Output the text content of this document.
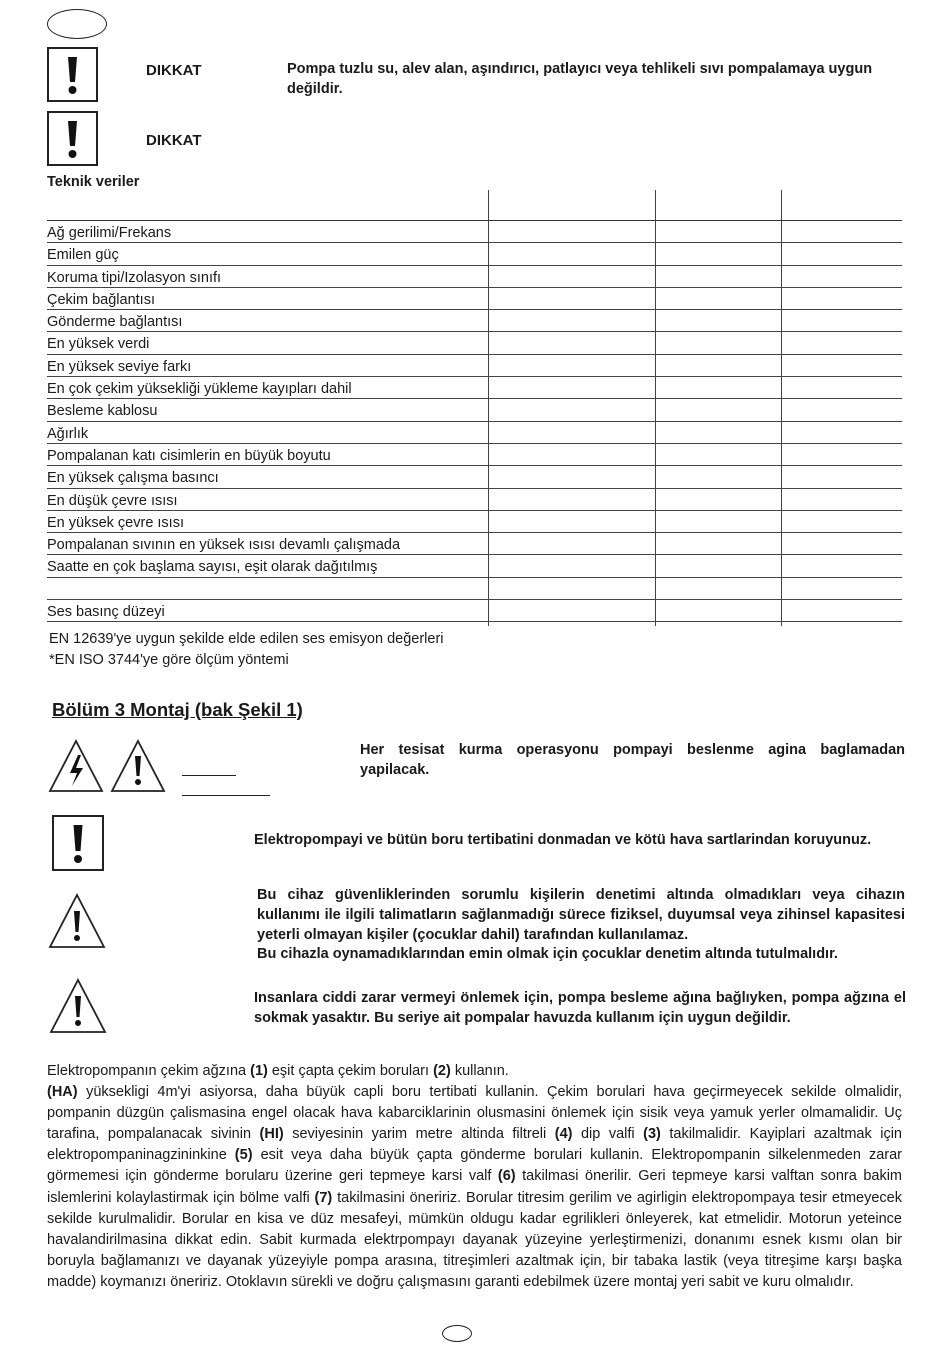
DIKKAT	Pompa tuzlu su, alev alan, aşındırıcı, patlayıcı veya tehlikeli sıvı pompalamaya uygun değildir.
DIKKAT
Teknik veriler
Ağ gerilimi/Frekans
Emilen güç
Koruma tipi/Izolasyon sınıfı
Çekim bağlantısı
Gönderme bağlantısı
En yüksek verdi
En yüksek seviye farkı
En çok çekim yüksekliği yükleme kayıpları dahil
Besleme kablosu
Ağırlık
Pompalanan katı cisimlerin en büyük boyutu
En yüksek çalışma basıncı
En düşük çevre ısısı
En yüksek çevre ısısı
Pompalanan sıvının en yüksek ısısı devamlı çalışmada
Saatte en çok başlama sayısı, eşit olarak dağıtılmış
Ses basınç düzeyi
EN 12639'ye uygun şekilde elde edilen ses emisyon değerleri
*EN ISO 3744'ye göre ölçüm yöntemi
Bölüm 3 Montaj (bak Şekil 1)
Her tesisat kurma operasyonu pompayi beslenme agina baglamadan yapilacak.
Elektropompayi ve bütün boru tertibatini donmadan ve kötü hava sartlarindan koruyunuz.
Bu cihaz güvenliklerinden sorumlu kişilerin denetimi altında olmadıkları veya cihazın kullanımı ile ilgili talimatların sağlanmadığı sürece fiziksel, duyumsal veya zihinsel kapasitesi yeterli olmayan kişiler (çocuklar dahil) tarafından kullanılamaz.
Bu cihazla oynamadıklarından emin olmak için çocuklar denetim altında tutulmalıdır.
Insanlara ciddi zarar vermeyi önlemek için, pompa besleme ağına bağlıyken, pompa ağzına el sokmak yasaktır. Bu seriye ait pompalar havuzda kullanım için uygun değildir.

Elektropompanın çekim ağzına (1) eşit çapta çekim boruları (2) kullanın.

(HA) yüksekligi 4m'yi asiyorsa, daha büyük capli boru tertibati kullanin. Çekim borulari hava geçirmeyecek sekilde olmalidir, pompanin düzgün çalismasina engel olacak hava kabarciklarinin olusmasini önlemek için sisik veya yamuk yerler olmamalidir. Uç tarafina, pompalanacak sivinin (HI) seviyesinin yarim metre altinda filtreli (4) dip valfi (3) takilmalidir. Kayiplari azaltmak için elektropompaninagzininkine (5) esit veya daha büyük çapta gönderme borulari kullanin. Elektropompanin silkelenmeden zarar görmemesi için gönderme borularu üzerine geri tepmeye karsi valf (6) takilmasi önerilir. Geri tepmeye karsi valftan sonra bakim islemlerini kolaylastirmak için bölme valfi (7) takilmasini öneririz. Borular titresim gerilim ve agirligin elektropompaya tesir etmeyecek sekilde kurulmalidir. Borular en kisa ve düz mesafeyi, mümkün oldugu kadar egrilikleri önleyerek, kat etmelidir. Motorun yeteince havalandirilmasina dikkat edin. Sabit kurmada elektrpompayı dayanak yüzeyine yerleştirmenizi, donanımı esnek kısmı olan bir boruyla bağlamanızı ve dayanak yüzeyiyle pompa arasına, titreşimleri azaltmak için, bir tabaka lastik (veya titreşime karşı başka madde) koymanızı öneririz. Otoklavın sürekli ve doğru çalışmasını garanti edebilmek üzere montaj yeri sabit ve kuru olmalıdır.
